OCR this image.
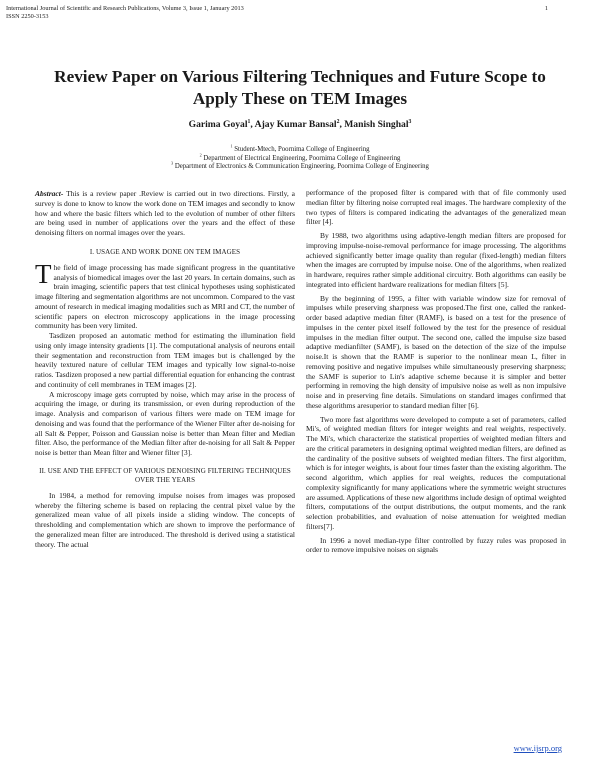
International Journal of Scientific and Research Publications, Volume 3, Issue 1, January 2013
ISSN 2250-3153
1
Review Paper on Various Filtering Techniques and Future Scope to Apply These on TEM Images
Garima Goyal$^1$, Ajay Kumar Bansal$^2$, Manish Singhal$^3$
$^1$ Student-Mtech, Poornima College of Engineering
$^2$ Department of Electrical Engineering, Poornima College of Engineering
$^3$ Department of Electronics & Communication Engineering, Poornima College of Engineering

Abstract- This is a review paper .Review is carried out in two directions. Firstly, a survey is done to know to know the work done on TEM images and secondly to know how and where the basic filters which led to the evolution of number of other filters are being used in number of applications over the years and the effect of these denoising filters on normal images over the years.

I. USAGE AND WORK DONE ON TEM IMAGES

The field of image processing has made significant progress in the quantitative analysis of biomedical images over the last 20 years. In certain domains, such as brain imaging, scientific papers that test clinical hypotheses using sophisticated image filtering and segmentation algorithms are not uncommon. Compared to the vast amount of research in medical imaging modalities such as MRI and CT, the number of scientific papers on electron microscopy applications in the image processing community has been very limited.

Tasdizen proposed an automatic method for estimating the illumination field using only image intensity gradients [1]. The computational analysis of neurons entail their segmentation and reconstruction from TEM images but is challenged by the heavily textured nature of cellular TEM images and typically low signal-to-noise ratios. Tasdizen proposed a new partial differential equation for enhancing the contrast and continuity of cell membranes in TEM images [2].

A microscopy image gets corrupted by noise, which may arise in the process of acquiring the image, or during its transmission, or even during reproduction of the image. Analysis and comparison of various filters were made on TEM image for denoising and was found that the performance of the Wiener Filter after de-noising for all Salt & Pepper, Poisson and Gaussian noise is better than Mean filter and Median filter. Also, the performance of the Median filter after de-noising for all Salt & Pepper noise is better than Mean filter and Wiener filter [3].

II. USE AND THE EFFECT OF VARIOUS DENOISING FILTERING TECHNIQUES OVER THE YEARS

In 1984, a method for removing impulse noises from images was proposed whereby the filtering scheme is based on replacing the central pixel value by the generalized mean value of all pixels inside a sliding window. The concepts of thresholding and complementation which are shown to improve the performance of the generalized mean filter are introduced. The threshold is derived using a statistical theory. The actual

performance of the proposed filter is compared with that of file commonly used median filter by filtering noise corrupted real images. The hardware complexity of the two types of filters is compared indicating the advantages of the generalized mean filter [4].

By 1988, two algorithms using adaptive-length median filters are proposed for improving impulse-noise-removal performance for image processing. The algorithms achieved significantly better image quality than regular (fixed-length) median filters when the images are corrupted by impulse noise. One of the algorithms, when realized in hardware, requires rather simple additional circuitry. Both algorithms can easily be integrated into efficient hardware realizations for median filters [5].

By the beginning of 1995, a filter with variable window size for removal of impulses while preserving sharpness was proposed.The first one, called the ranked-order based adaptive median filter (RAMF), is based on a test for the presence of impulses in the center pixel itself followed by the test for the presence of residual impulses in the median filter output. The second one, called the impulse size based adaptive medianfilter (SAMF), is based on the detection of the size of the impulse noise.It is shown that the RAMF is superior to the nonlinear mean L, filter in removing positive and negative impulses while simultaneously preserving sharpness; the SAMF is superior to Lin's adaptive scheme because it is simpler and better performing in removing the high density of impulsive noise as well as non impulsive noise and in preserving fine details. Simulations on standard images confirmed that these algorithms aresuperior to standard median filter [6].

Two more fast algorithms were developed to compute a set of parameters, called Mi's, of weighted median filters for integer weights and real weights, respectively. The Mi's, which characterize the statistical properties of weighted median filters and are the critical parameters in designing optimal weighted median filters, are defined as the cardinality of the positive subsets of weighted median filters. The first algorithm, which is for integer weights, is about four times faster than the existing algorithm. The second algorithm, which applies for real weights, reduces the computational complexity significantly for many applications where the symmetric weight structures are assumed. Applications of these new algorithms include design of optimal weighted filters, computations of the output distributions, the output moments, and the rank selection probabilities, and evaluation of noise attenuation for weighted median filters[7].

In 1996 a novel median-type filter controlled by fuzzy rules was proposed in order to remove impulsive noises on signals

www.ijsrp.org
